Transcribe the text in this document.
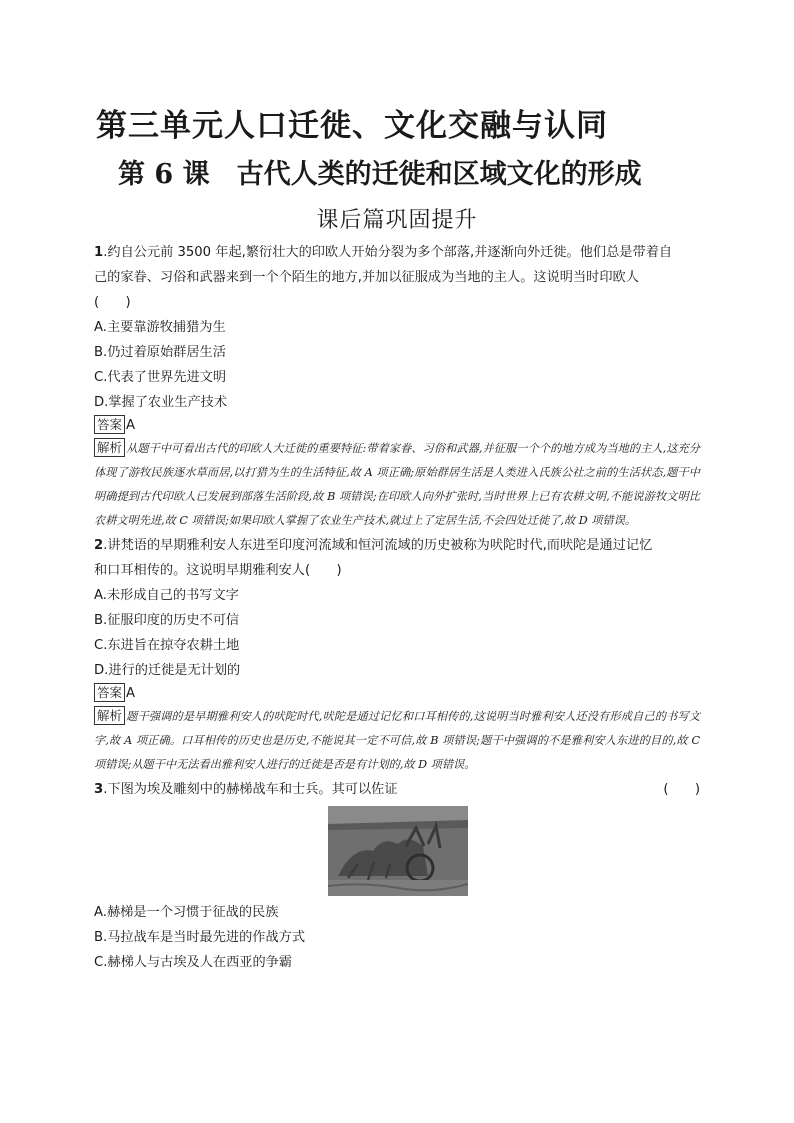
第三单元人口迁徙、文化交融与认同
第 6 课　古代人类的迁徙和区域文化的形成
课后篇巩固提升
1.约自公元前 3500 年起,繁衍壮大的印欧人开始分裂为多个部落,并逐渐向外迁徙。他们总是带着自
己的家眷、习俗和武器来到一个个陌生的地方,并加以征服成为当地的主人。这说明当时印欧人
(　　)
A.主要靠游牧捕猎为生
B.仍过着原始群居生活
C.代表了世界先进文明
D.掌握了农业生产技术
答案 A
解析 从题干中可看出古代的印欧人大迁徙的重要特征:带着家眷、习俗和武器,并征服一个个的地方成为当地的主人,这充分体现了游牧民族逐水草而居,以打猎为生的生活特征,故 A 项正确;原始群居生活是人类进入氏族公社之前的生活状态,题干中明确提到古代印欧人已发展到部落生活阶段,故 B 项错误;在印欧人向外扩张时,当时世界上已有农耕文明,不能说游牧文明比农耕文明先进,故 C 项错误;如果印欧人掌握了农业生产技术,就过上了定居生活,不会四处迁徙了,故 D 项错误。
2.讲梵语的早期雅利安人东进至印度河流域和恒河流域的历史被称为吠陀时代,而吠陀是通过记忆
和口耳相传的。这说明早期雅利安人(　　)
A.未形成自己的书写文字
B.征服印度的历史不可信
C.东进旨在掠夺农耕土地
D.进行的迁徙是无计划的
答案 A
解析 题干强调的是早期雅利安人的吠陀时代,吠陀是通过记忆和口耳相传的,这说明当时雅利安人还没有形成自己的书写文字,故 A 项正确。口耳相传的历史也是历史,不能说其一定不可信,故 B 项错误;题干中强调的不是雅利安人东进的目的,故 C 项错误;从题干中无法看出雅利安人进行的迁徙是否是有计划的,故 D 项错误。
3.下图为埃及雕刻中的赫梯战车和士兵。其可以佐证	(　　)
A.赫梯是一个习惯于征战的民族
B.马拉战车是当时最先进的作战方式
C.赫梯人与古埃及人在西亚的争霸
